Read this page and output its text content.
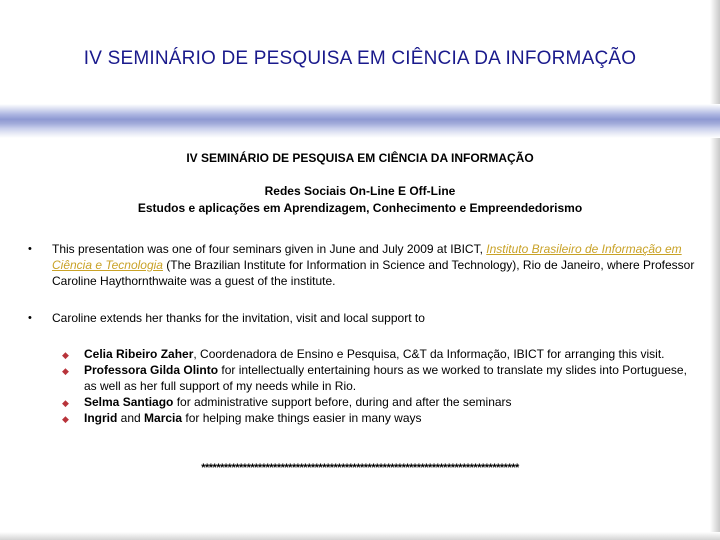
IV SEMINÁRIO DE PESQUISA EM CIÊNCIA DA INFORMAÇÃO
IV SEMINÁRIO DE PESQUISA EM CIÊNCIA DA INFORMAÇÃO
Redes Sociais On-Line E Off-Line
Estudos e aplicações em Aprendizagem, Conhecimento e Empreendedorismo
• This presentation was one of four seminars given in June and July 2009 at IBICT, Instituto Brasileiro de Informação em Ciência e Tecnologia (The Brazilian Institute for Information in Science and Technology), Rio de Janeiro, where Professor Caroline Haythornthwaite was a guest of the institute.
• Caroline extends her thanks for the invitation, visit and local support to
◆ Celia Ribeiro Zaher, Coordenadora de Ensino e Pesquisa, C&T da Informação, IBICT for arranging this visit.
◆ Professora Gilda Olinto for intellectually entertaining hours as we worked to translate my slides into Portuguese, as well as her full support of my needs while in Rio.
◆ Selma Santiago for administrative support before, during and after the seminars
◆ Ingrid and Marcia for helping make things easier in many ways
************************************************************************************
